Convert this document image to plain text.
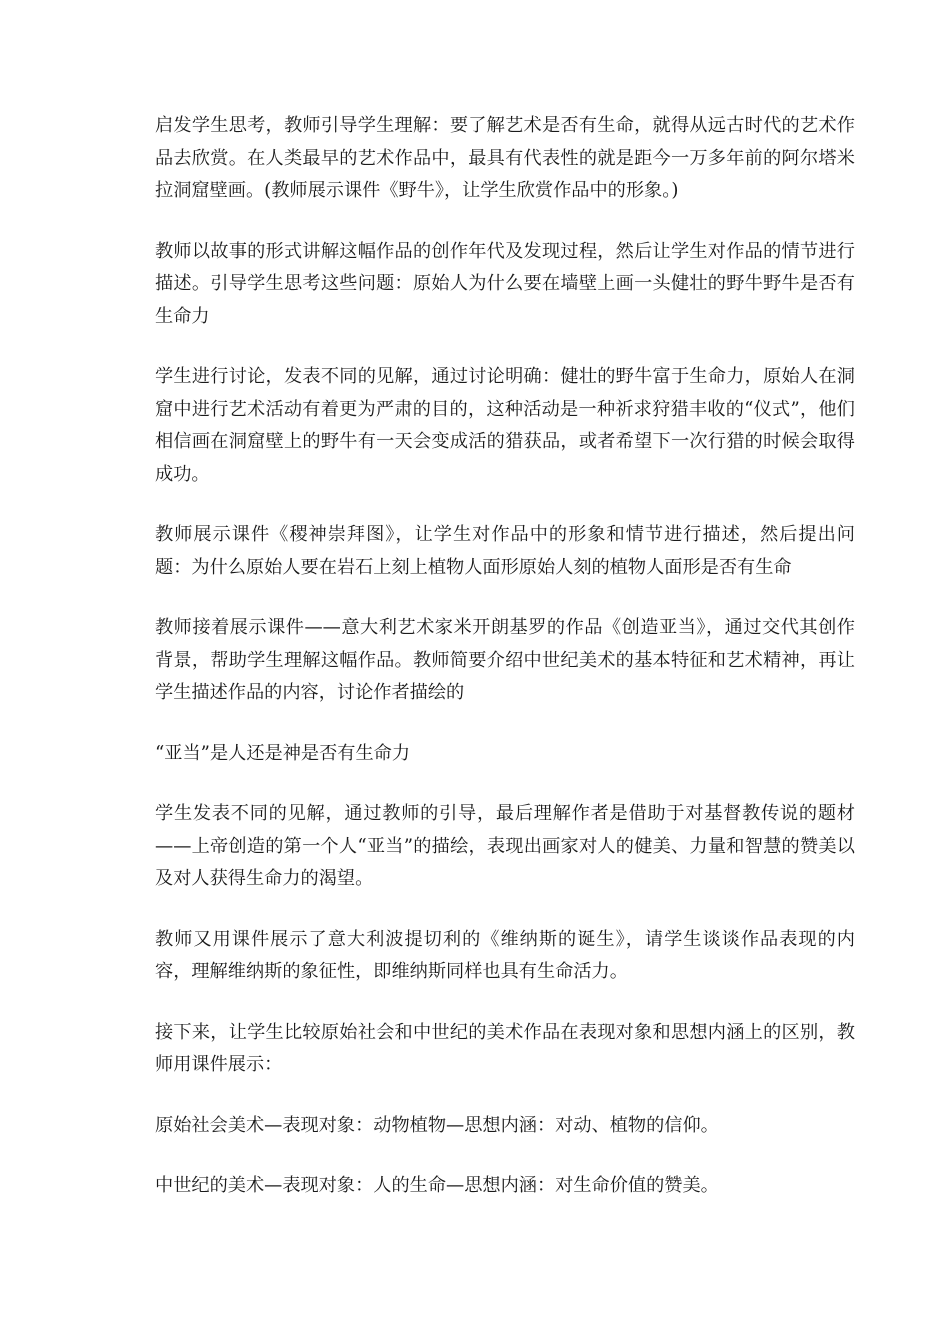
启发学生思考，教师引导学生理解：要了解艺术是否有生命，就得从远古时代的艺术作品去欣赏。在人类最早的艺术作品中，最具有代表性的就是距今一万多年前的阿尔塔米拉洞窟壁画。(教师展示课件《野牛》，让学生欣赏作品中的形象。)

教师以故事的形式讲解这幅作品的创作年代及发现过程，然后让学生对作品的情节进行描述。引导学生思考这些问题：原始人为什么要在墙壁上画一头健壮的野牛野牛是否有生命力

学生进行讨论，发表不同的见解，通过讨论明确：健壮的野牛富于生命力，原始人在洞窟中进行艺术活动有着更为严肃的目的，这种活动是一种祈求狩猎丰收的“仪式”，他们相信画在洞窟壁上的野牛有一天会变成活的猎获品，或者希望下一次行猎的时候会取得成功。

教师展示课件《稷神崇拜图》，让学生对作品中的形象和情节进行描述，然后提出问题：为什么原始人要在岩石上刻上植物人面形原始人刻的植物人面形是否有生命

教师接着展示课件——意大利艺术家米开朗基罗的作品《创造亚当》，通过交代其创作背景，帮助学生理解这幅作品。教师简要介绍中世纪美术的基本特征和艺术精神，再让学生描述作品的内容，讨论作者描绘的

“亚当”是人还是神是否有生命力

学生发表不同的见解，通过教师的引导，最后理解作者是借助于对基督教传说的题材——上帝创造的第一个人“亚当”的描绘，表现出画家对人的健美、力量和智慧的赞美以及对人获得生命力的渴望。

教师又用课件展示了意大利波提切利的《维纳斯的诞生》，请学生谈谈作品表现的内容，理解维纳斯的象征性，即维纳斯同样也具有生命活力。

接下来，让学生比较原始社会和中世纪的美术作品在表现对象和思想内涵上的区别，教师用课件展示：

原始社会美术—表现对象：动物植物—思想内涵：对动、植物的信仰。

中世纪的美术—表现对象：人的生命—思想内涵：对生命价值的赞美。
